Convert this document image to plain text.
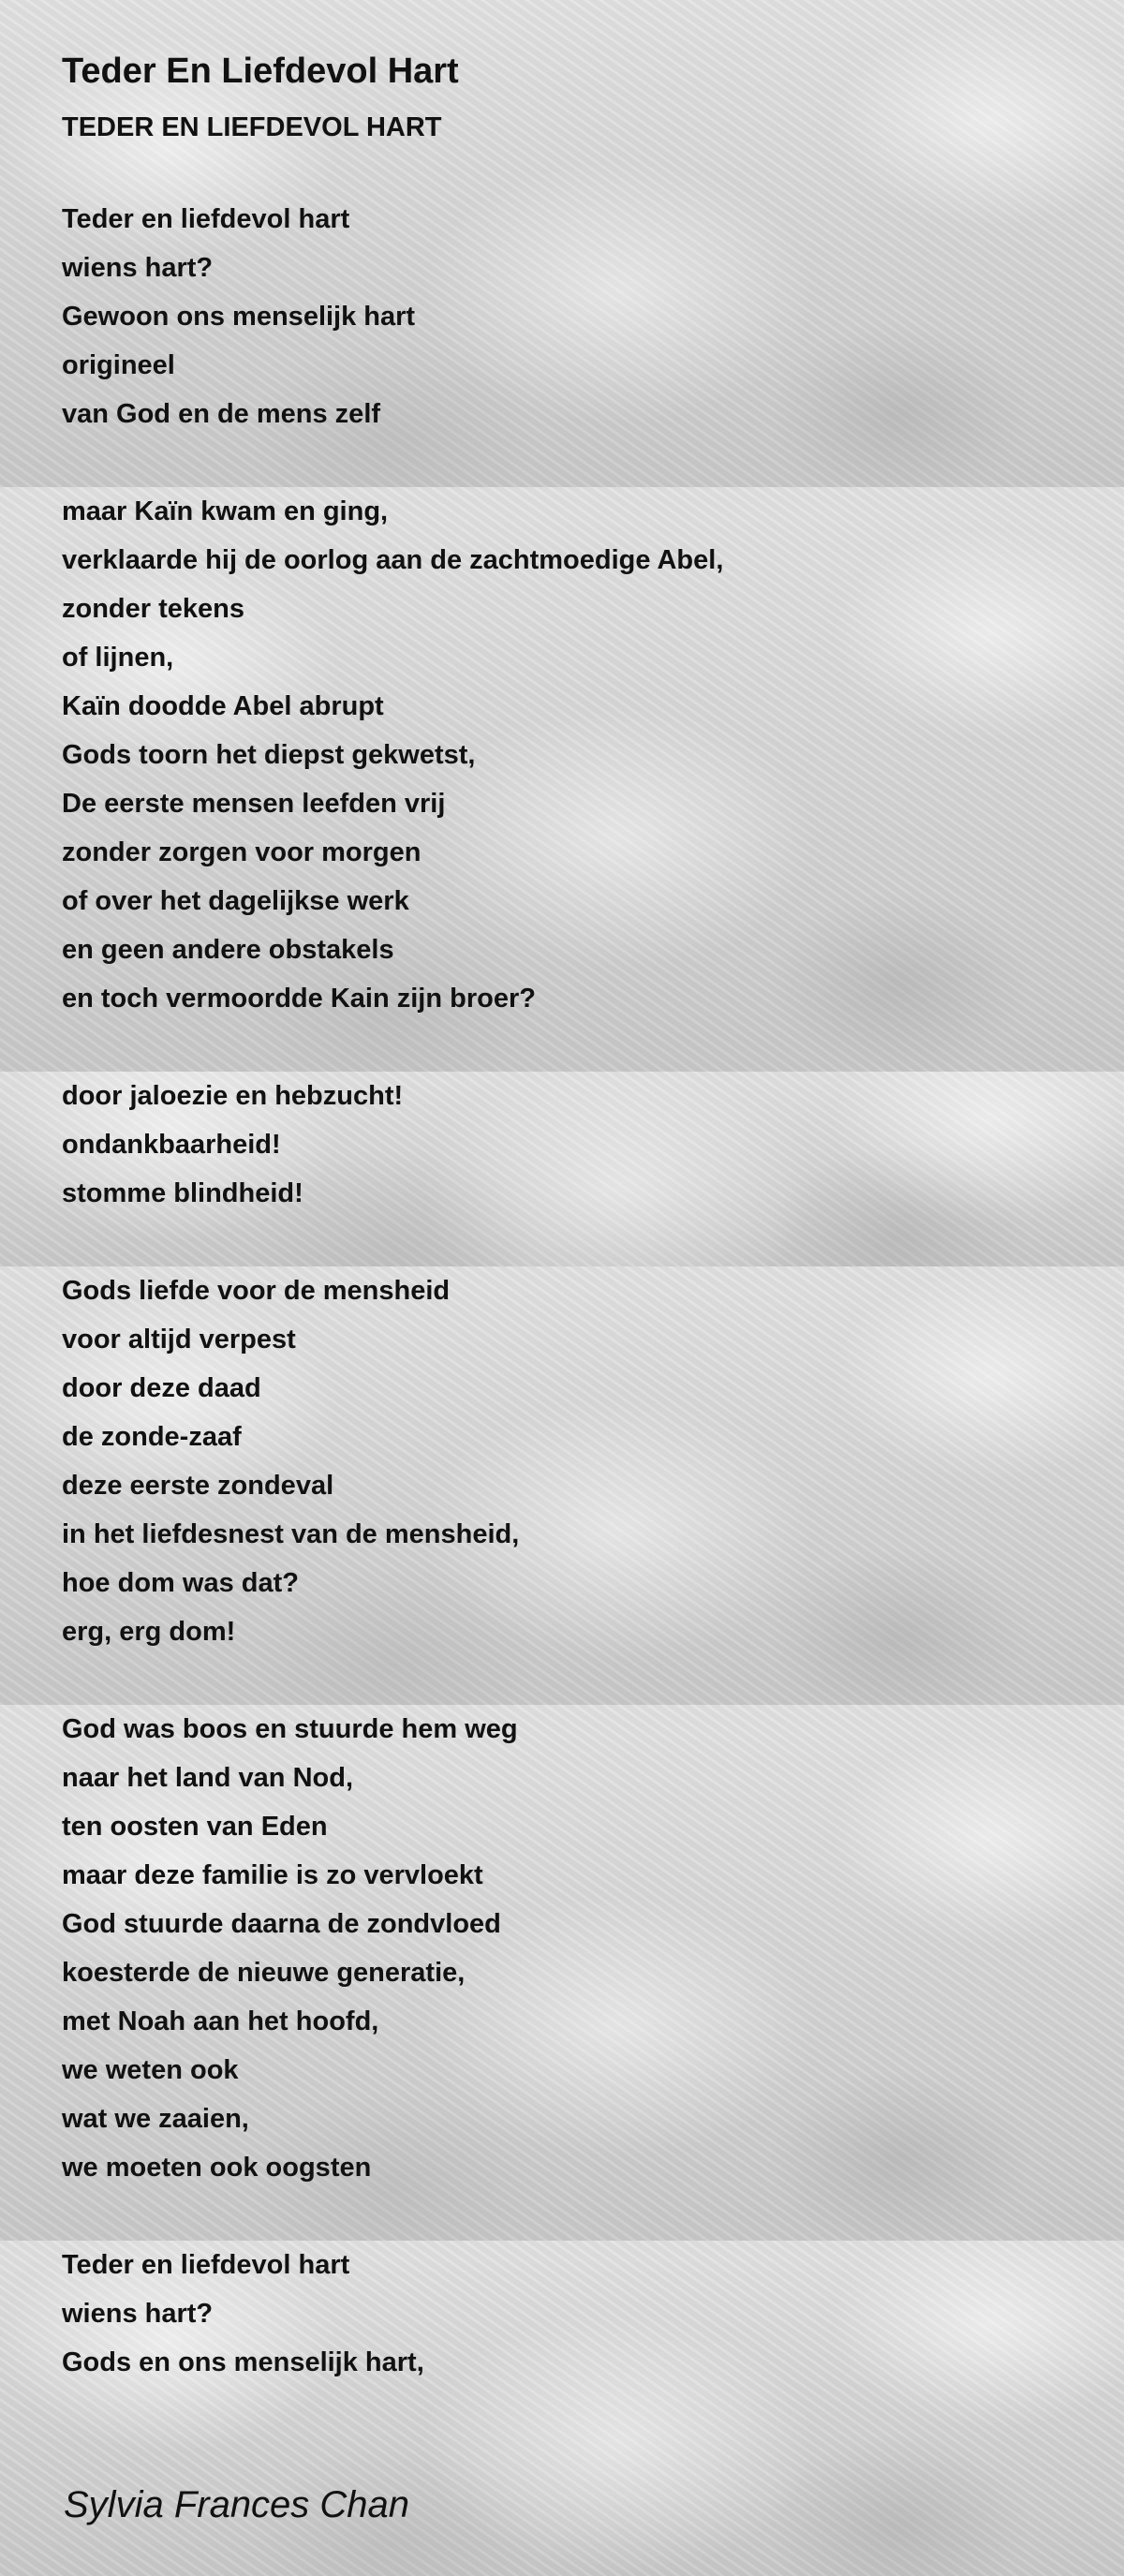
Teder En Liefdevol Hart
TEDER EN LIEFDEVOL HART
Teder en liefdevol hart
wiens hart?
Gewoon ons menselijk hart
origineel
van God en de mens zelf
maar Kaïn kwam en ging,
verklaarde hij de oorlog aan de zachtmoedige Abel,
zonder tekens
of lijnen,
Kaïn doodde Abel abrupt
Gods toorn het diepst gekwetst,
De eerste mensen leefden vrij
zonder zorgen voor morgen
of over het dagelijkse werk
en geen andere obstakels
en toch vermoordde Kain zijn broer?
door jaloezie en hebzucht!
ondankbaarheid!
stomme blindheid!
Gods liefde voor de mensheid
voor altijd verpest
door deze daad
de zonde-zaaf
deze eerste zondeval
in het liefdesnest van de mensheid,
hoe dom was dat?
erg, erg dom!
God was boos en stuurde hem weg
naar het land van Nod,
ten oosten van Eden
maar deze familie is zo vervloekt
God stuurde daarna de zondvloed
koesterde de nieuwe generatie,
met Noah aan het hoofd,
we weten ook
wat we zaaien,
we moeten ook oogsten
Teder en liefdevol hart
wiens hart?
Gods en ons menselijk hart,

Sylvia Frances Chan
